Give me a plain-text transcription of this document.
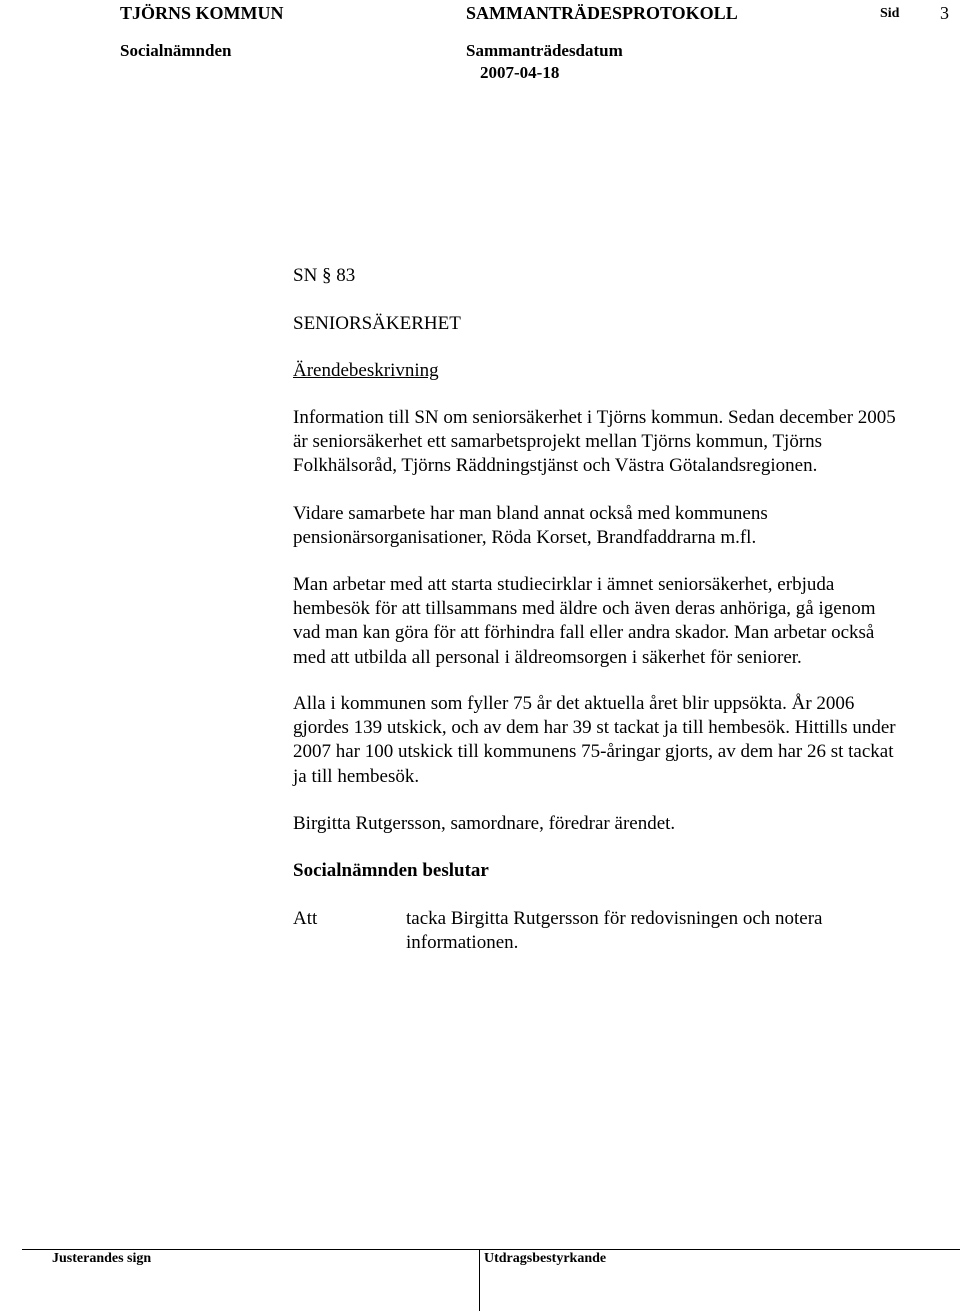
TJÖRNS KOMMUN	SAMMANTRÄDESPROTOKOLL	Sid 3
Socialnämnden	Sammanträdesdatum
2007-04-18
SN § 83
SENIORSÄKERHET
Ärendebeskrivning
Information till SN om seniorsäkerhet i Tjörns kommun. Sedan december 2005
är seniorsäkerhet ett samarbetsprojekt mellan Tjörns kommun, Tjörns
Folkhälsoråd, Tjörns Räddningstjänst och Västra Götalandsregionen.
Vidare samarbete har man bland annat också med kommunens
pensionärsorganisationer, Röda Korset, Brandfaddrarna m.fl.
Man arbetar med att starta studiecirklar i ämnet seniorsäkerhet, erbjuda
hembesök för att tillsammans med äldre och även deras anhöriga, gå igenom
vad man kan göra för att förhindra fall eller andra skador. Man arbetar också
med att utbilda all personal i äldreomsorgen i säkerhet för seniorer.
Alla i kommunen som fyller 75 år det aktuella året blir uppsökta. År 2006
gjordes 139 utskick, och av dem har 39 st tackat ja till hembesök. Hittills under
2007 har 100 utskick till kommunens 75-åringar gjorts, av dem har 26 st tackat
ja till hembesök.
Birgitta Rutgersson, samordnare, föredrar ärendet.
Socialnämnden beslutar
Att	tacka Birgitta Rutgersson för redovisningen och notera
informationen.
Justerandes sign	Utdragsbestyrkande
